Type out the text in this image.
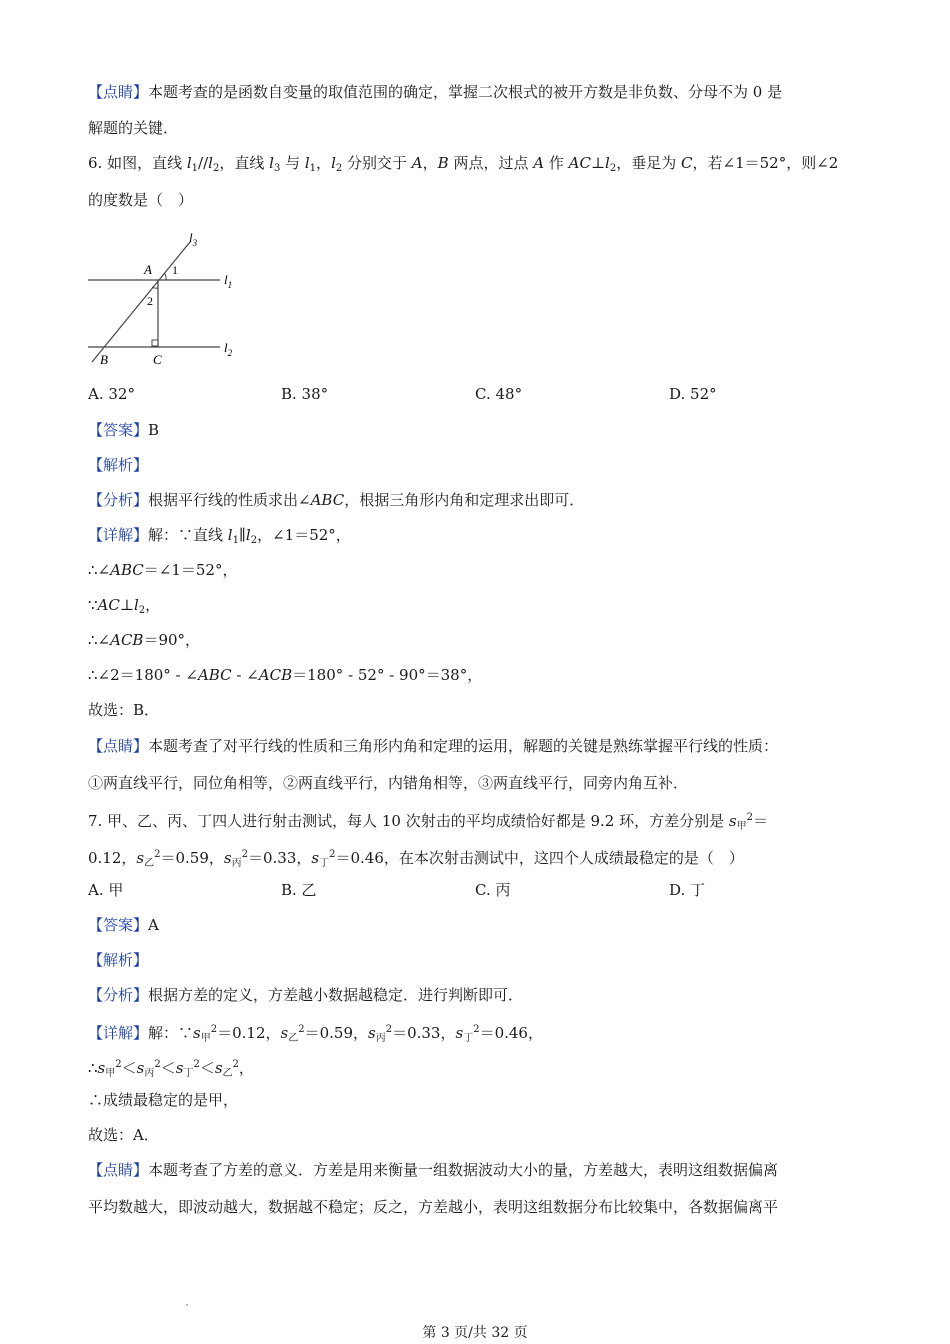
【点睛】本题考查的是函数自变量的取值范围的确定，掌握二次根式的被开方数是非负数、分母不为 0 是
解题的关键．
6. 如图，直线 $l_1//l_2$，直线 $l_3$ 与 $l_1$，$l_2$ 分别交于 A，B 两点，过点 A 作 $AC\perp l_2$，垂足为 C，若∠1＝52°，则∠2
的度数是（　）
$l_3$
$l_1$
$l_2$
A
B	C
1
2
A. 32°	B. 38°	C. 48°	D. 52°
【答案】B
【解析】
【分析】根据平行线的性质求出∠ABC，根据三角形内角和定理求出即可．
【详解】解：∵直线 $l_1\parallel l_2$，∠1＝52°，
∴∠ABC＝∠1＝52°，
$\because AC\perp l_2$，
∴∠ACB＝90°，
∴∠2＝180° - ∠ABC - ∠ACB＝180° - 52° - 90°＝38°，
故选：B．
【点睛】本题考查了对平行线的性质和三角形内角和定理的运用，解题的关键是熟练掌握平行线的性质：
①两直线平行，同位角相等，②两直线平行，内错角相等，③两直线平行，同旁内角互补．
7. 甲、乙、丙、丁四人进行射击测试，每人 10 次射击的平均成绩恰好都是 9.2 环，方差分别是 $s_甲^2=$
0.12，$s_乙^2=0.59$，$s_丙^2=0.33$，$s_丁^2=0.46$，在本次射击测试中，这四个人成绩最稳定的是（　）
A. 甲	B. 乙	C. 丙	D. 丁
【答案】A
【解析】
【分析】根据方差的定义，方差越小数据越稳定．进行判断即可．
【详解】解：$\because s_甲^2=0.12$，$s_乙^2=0.59$，$s_丙^2=0.33$，$s_丁^2=0.46$，
$\therefore s_甲^2<s_丙^2<s_丁^2<s_乙^2$，
∴成绩最稳定的是甲，
故选：A．
【点睛】本题考查了方差的意义．方差是用来衡量一组数据波动大小的量，方差越大，表明这组数据偏离
平均数越大，即波动越大，数据越不稳定；反之，方差越小，表明这组数据分布比较集中，各数据偏离平
第 3 页/共 32 页
